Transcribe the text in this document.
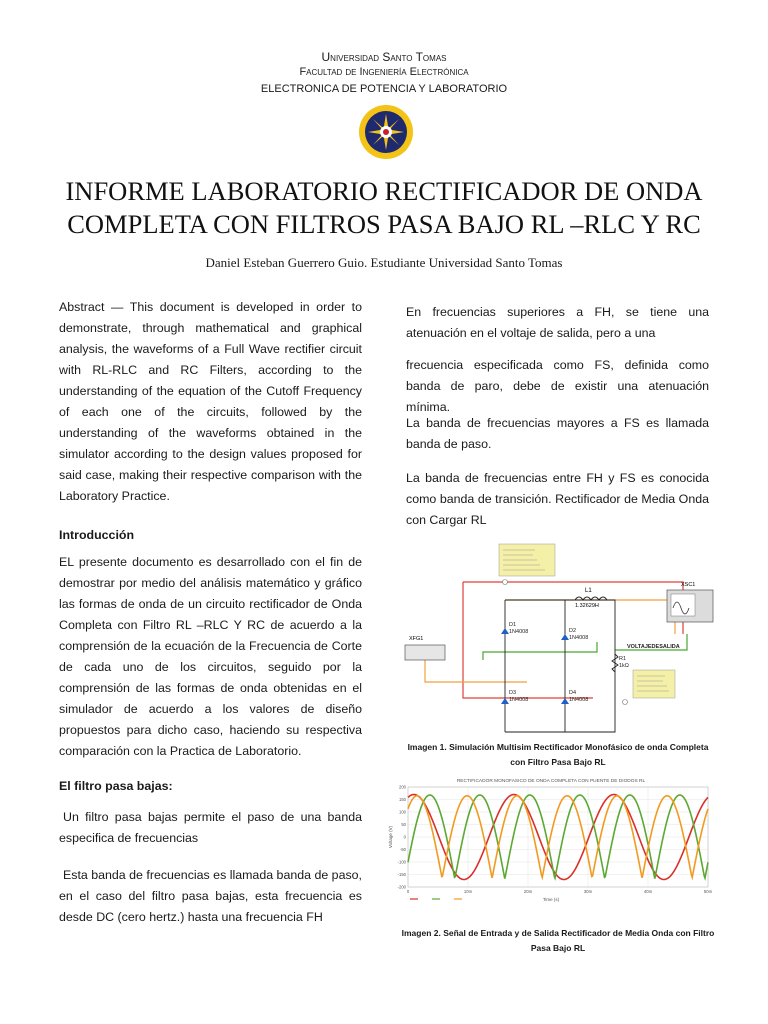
Universidad Santo Tomas
Facultad de Ingeniería Electrónica
ELECTRONICA DE POTENCIA Y LABORATORIO
INFORME LABORATORIO RECTIFICADOR DE ONDA COMPLETA CON FILTROS PASA BAJO RL –RLC Y RC
Daniel Esteban Guerrero Guio. Estudiante Universidad Santo Tomas

Abstract — This document is developed in order to demonstrate, through mathematical and graphical analysis, the waveforms of a Full Wave rectifier circuit with RL-RLC and RC Filters, according to the understanding of the equation of the Cutoff Frequency of each one of the circuits, followed by the understanding of the waveforms obtained in the simulator according to the design values proposed for said case, making their respective comparison with the Laboratory Practice.

Introducción

EL presente documento es desarrollado con el fin de demostrar por medio del análisis matemático y gráfico las formas de onda de un circuito rectificador de Onda Completa con Filtro RL –RLC Y RC de acuerdo a la comprensión de la ecuación de la Frecuencia de Corte de cada uno de los circuitos, seguido por la comprensión de las formas de onda obtenidas en el simulador de acuerdo a los valores de diseño propuestos para dicho caso, haciendo su respectiva comparación con la Practica de Laboratorio.

El filtro pasa bajas:

Un filtro pasa bajas permite el paso de una banda especifica de frecuencias

Esta banda de frecuencias es llamada banda de paso, en el caso del filtro pasa bajas, esta frecuencia es desde DC (cero hertz.) hasta una frecuencia FH

En frecuencias superiores a FH, se tiene una atenuación en el voltaje de salida, pero a una

frecuencia especificada como FS, definida como banda de paro, debe de existir una atenuación mínima.

La banda de frecuencias mayores a FS es llamada banda de paso.

La banda de frecuencias entre FH y FS es conocida como banda de transición. Rectificador de Media Onda con Cargar RL

L1
1.32629H
D1
1N4008	D2
1N4008
D3
1N4008
D4
1N4008
R1
1kΩ
VOLTAJEDESALIDA
XFG1
XSC1
Imagen 1. Simulación Multisim Rectificador Monofásico de onda Completa con Filtro Pasa Bajo RL
RECTIFICADOR MONOFASICO DE ONDA COMPLETA CON PUENTE DE DIODOS RL
0	10m	20m	30m	40m	50m
200
150
100
50
0
-50
-100
-150
-200
Time (s)
Voltage (V)
Imagen 2. Señal de Entrada y de Salida Rectificador de Media Onda con Filtro Pasa Bajo RL
